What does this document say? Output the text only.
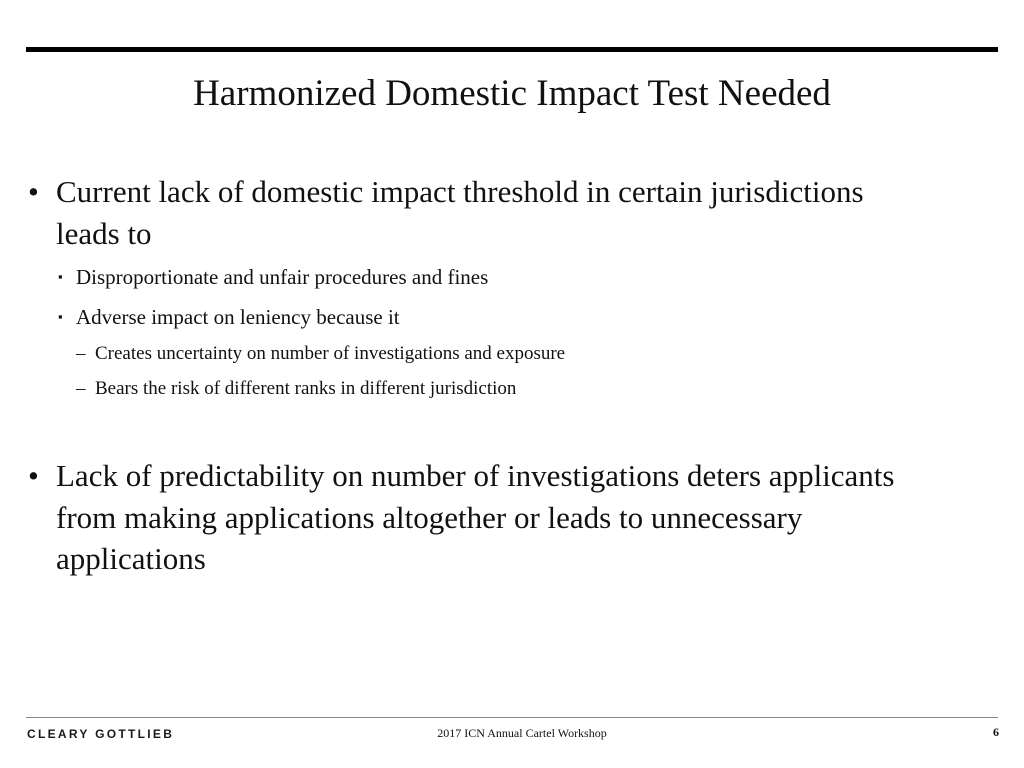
Harmonized Domestic Impact Test Needed
• Current lack of domestic impact threshold in certain jurisdictions
leads to
▪ Disproportionate and unfair procedures and fines
▪ Adverse impact on leniency because it
– Creates uncertainty on number of investigations and exposure
– Bears the risk of different ranks in different jurisdiction
• Lack of predictability on number of investigations deters applicants
from making applications altogether or leads to unnecessary
applications
CLEARY GOTTLIEB	2017 ICN Annual Cartel Workshop	6
